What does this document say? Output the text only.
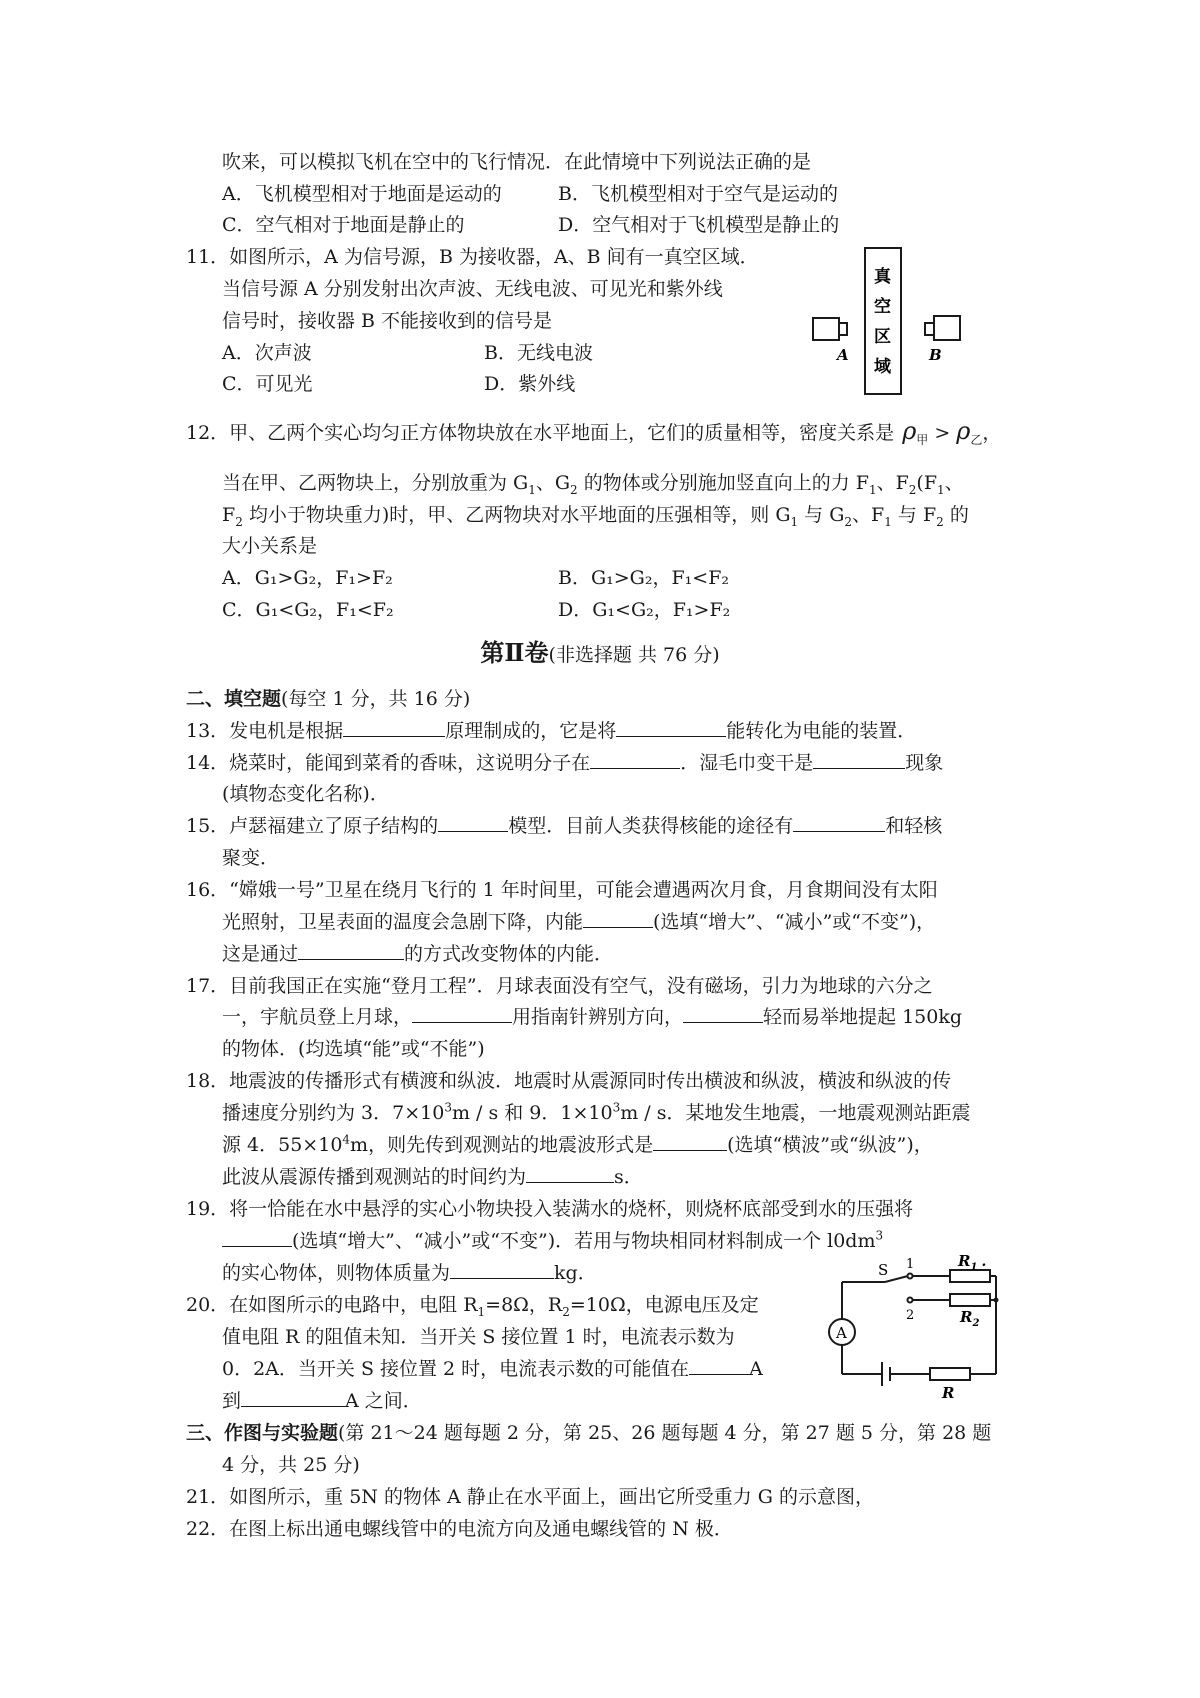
吹来，可以模拟飞机在空中的飞行情况．在此情境中下列说法正确的是
A．飞机模型相对于地面是运动的	B．飞机模型相对于空气是运动的
C．空气相对于地面是静止的	D．空气相对于飞机模型是静止的
11．如图所示，A 为信号源，B 为接收器，A、B 间有一真空区域．
当信号源 A 分别发射出次声波、无线电波、可见光和紫外线
信号时，接收器 B 不能接收到的信号是
A．次声波	B．无线电波
C．可见光	D．紫外线
A
真
空
区
域
B
12．甲、乙两个实心均匀正方体物块放在水平地面上，它们的质量相等，密度关系是 $\rho_甲 > \rho_乙$，
当在甲、乙两物块上，分别放重为 $G_1$、$G_2$ 的物体或分别施加竖直向上的力 $F_1$、$F_2(F_1$、
$F_2$ 均小于物块重力)时，甲、乙两物块对水平地面的压强相等，则 $G_1$ 与 $G_2$、$F_1$ 与 $F_2$ 的
大小关系是
A．G₁>G₂，F₁>F₂	B．G₁>G₂，F₁<F₂
C．G₁<G₂，F₁<F₂	D．G₁<G₂，F₁>F₂
第Ⅱ卷(非选择题 共 76 分)
二、填空题(每空 1 分，共 16 分)
13．发电机是根据	原理制成的，它是将	能转化为电能的装置．
14．烧菜时，能闻到菜肴的香味，这说明分子在	．湿毛巾变干是	现象
(填物态变化名称)．
15．卢瑟福建立了原子结构的	模型．目前人类获得核能的途径有	和轻核
聚变．
16．“嫦娥一号”卫星在绕月飞行的 1 年时间里，可能会遭遇两次月食，月食期间没有太阳
光照射，卫星表面的温度会急剧下降，内能	(选填“增大”、“减小”或“不变”)，
这是通过	的方式改变物体的内能．
17．目前我国正在实施“登月工程”．月球表面没有空气，没有磁场，引力为地球的六分之
一，宇航员登上月球，	用指南针辨别方向，	轻而易举地提起 150kg
的物体．(均选填“能”或“不能”)
18．地震波的传播形式有横渡和纵波．地震时从震源同时传出横波和纵波，横波和纵波的传
播速度分别约为 3．$7\times 10^3m / s$ 和 9．$1\times 10^3m / s$．某地发生地震，一地震观测站距震
源 4．$55\times 10^4m$，则先传到观测站的地震波形式是	(选填“横波”或“纵波”)，
此波从震源传播到观测站的时间约为	s．
19．将一恰能在水中悬浮的实心小物块投入装满水的烧杯，则烧杯底部受到水的压强将
(选填“增大”、“减小”或“不变”)．若用与物块相同材料制成一个 $l0dm^3$
的实心物体，则物体质量为	kg．
20．在如图所示的电路中，电阻 $R_1=8\Omega$，$R_2=10\Omega$，电源电压及定
值电阻 R 的阻值未知．当开关 S 接位置 1 时，电流表示数为
0．2A．当开关 S 接位置 2 时，电流表示数的可能值在	A
到	A 之间．
A
S 1
2
$R_1$ .
$R_2$
R
三、作图与实验题(第 21～24 题每题 2 分，第 25、26 题每题 4 分，第 27 题 5 分，第 28 题
4 分，共 25 分)
21．如图所示，重 5N 的物体 A 静止在水平面上，画出它所受重力 G 的示意图，
22．在图上标出通电螺线管中的电流方向及通电螺线管的 N 极．
